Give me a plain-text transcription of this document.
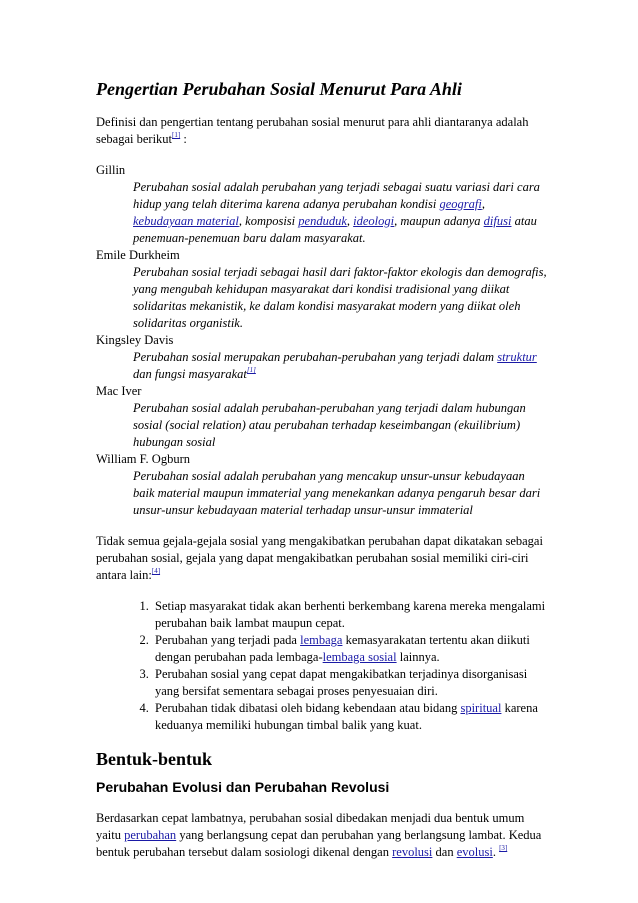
Pengertian Perubahan Sosial Menurut Para Ahli

Definisi dan pengertian tentang perubahan sosial menurut para ahli diantaranya adalah sebagai berikut[1] :

Gillin
Perubahan sosial adalah perubahan yang terjadi sebagai suatu variasi dari cara hidup yang telah diterima karena adanya perubahan kondisi geografi, kebudayaan material, komposisi penduduk, ideologi, maupun adanya difusi atau penemuan-penemuan baru dalam masyarakat.
Emile Durkheim
Perubahan sosial terjadi sebagai hasil dari faktor-faktor ekologis dan demografis, yang mengubah kehidupan masyarakat dari kondisi tradisional yang diikat solidaritas mekanistik, ke dalam kondisi masyarakat modern yang diikat oleh solidaritas organistik.
Kingsley Davis
Perubahan sosial merupakan perubahan-perubahan yang terjadi dalam struktur dan fungsi masyarakat[1]
Mac Iver
Perubahan sosial adalah perubahan-perubahan yang terjadi dalam hubungan sosial (social relation) atau perubahan terhadap keseimbangan (ekuilibrium) hubungan sosial
William F. Ogburn
Perubahan sosial adalah perubahan yang mencakup unsur-unsur kebudayaan baik material maupun immaterial yang menekankan adanya pengaruh besar dari unsur-unsur kebudayaan material terhadap unsur-unsur immaterial

Tidak semua gejala-gejala sosial yang mengakibatkan perubahan dapat dikatakan sebagai perubahan sosial, gejala yang dapat mengakibatkan perubahan sosial memiliki ciri-ciri antara lain:[4]

1. Setiap masyarakat tidak akan berhenti berkembang karena mereka mengalami perubahan baik lambat maupun cepat.
2. Perubahan yang terjadi pada lembaga kemasyarakatan tertentu akan diikuti dengan perubahan pada lembaga-lembaga sosial lainnya.
3. Perubahan sosial yang cepat dapat mengakibatkan terjadinya disorganisasi yang bersifat sementara sebagai proses penyesuaian diri.
4. Perubahan tidak dibatasi oleh bidang kebendaan atau bidang spiritual karena keduanya memiliki hubungan timbal balik yang kuat.
Bentuk-bentuk
Perubahan Evolusi dan Perubahan Revolusi

Berdasarkan cepat lambatnya, perubahan sosial dibedakan menjadi dua bentuk umum yaitu perubahan yang berlangsung cepat dan perubahan yang berlangsung lambat. Kedua bentuk perubahan tersebut dalam sosiologi dikenal dengan revolusi dan evolusi. [3]
